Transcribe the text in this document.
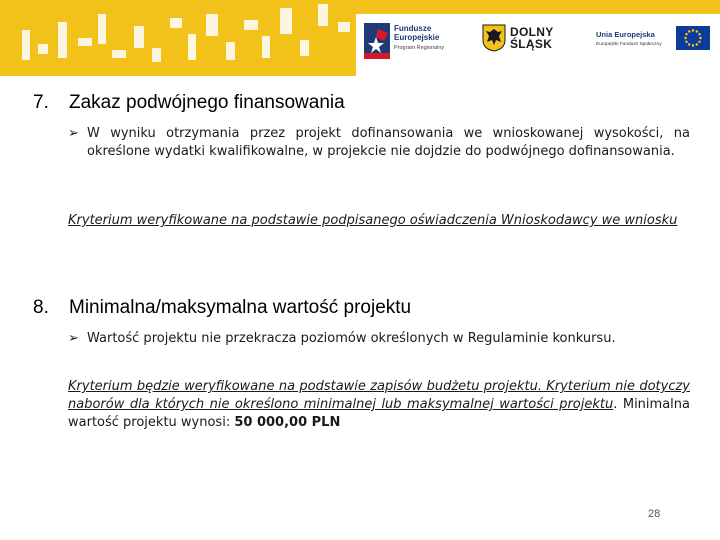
Fundusze
Europejskie
Program Regionalny
DOLNY
ŚLĄSK
Unia Europejska
Europejski Fundusz Społeczny
7. Zakaz podwójnego finansowania
➢ W wyniku otrzymania przez projekt dofinansowania we wnioskowanej wysokości, na określone wydatki kwalifikowalne, w projekcie nie dojdzie do podwójnego dofinansowania.
Kryterium weryfikowane na podstawie podpisanego oświadczenia Wnioskodawcy we wniosku
8. Minimalna/maksymalna wartość projektu
➢ Wartość projektu nie przekracza poziomów określonych w Regulaminie konkursu.
Kryterium będzie weryfikowane na podstawie zapisów budżetu projektu. Kryterium nie dotyczy naborów dla których nie określono minimalnej lub maksymalnej wartości projektu. Minimalna wartość projektu wynosi: 50 000,00 PLN
28
